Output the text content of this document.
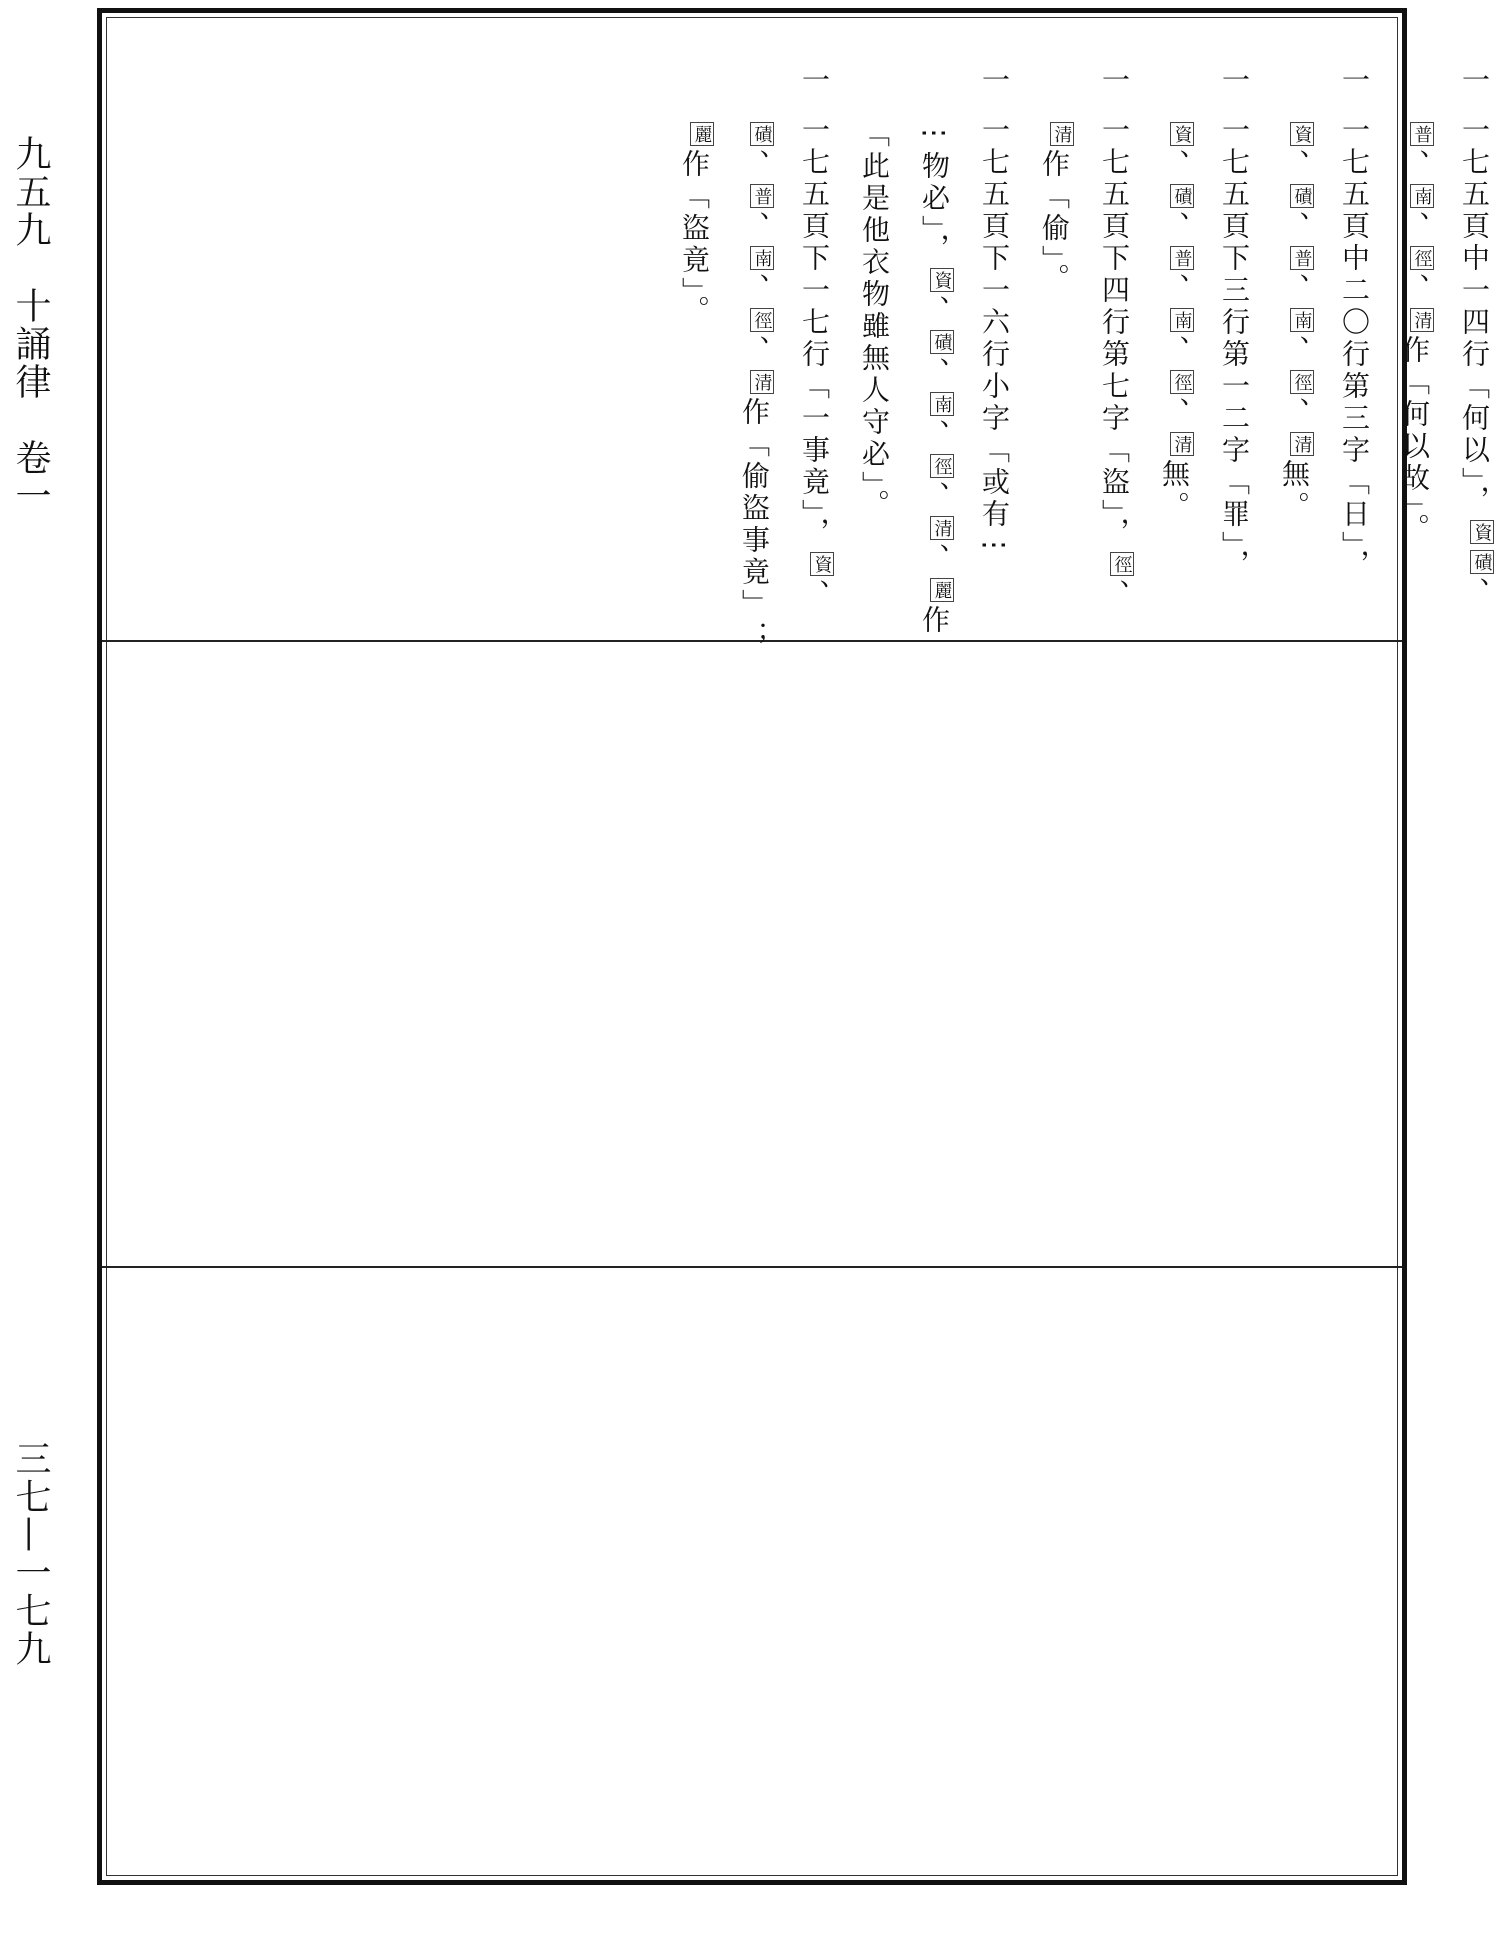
九五九　十誦律　卷一
三七—一七九
一一七五頁中一四行「何以」，資磧、
普、南、徑、清作「何以故」。
一一七五頁中二〇行第三字「日」，
資、磧、普、南、徑、清無。
一一七五頁下三行第一二字「罪」，
資、磧、普、南、徑、清無。
一一七五頁下四行第七字「盜」，徑、
清作「偷」。
一一七五頁下一六行小字「或有⋮
⋮物必」，資、磧、南、徑、清、麗作
「此是他衣物雖無人守必」。
一一七五頁下一七行「一事竟」，資、
磧、普、南、徑、清作「偷盜事竟」；
麗作「盜竟」。
